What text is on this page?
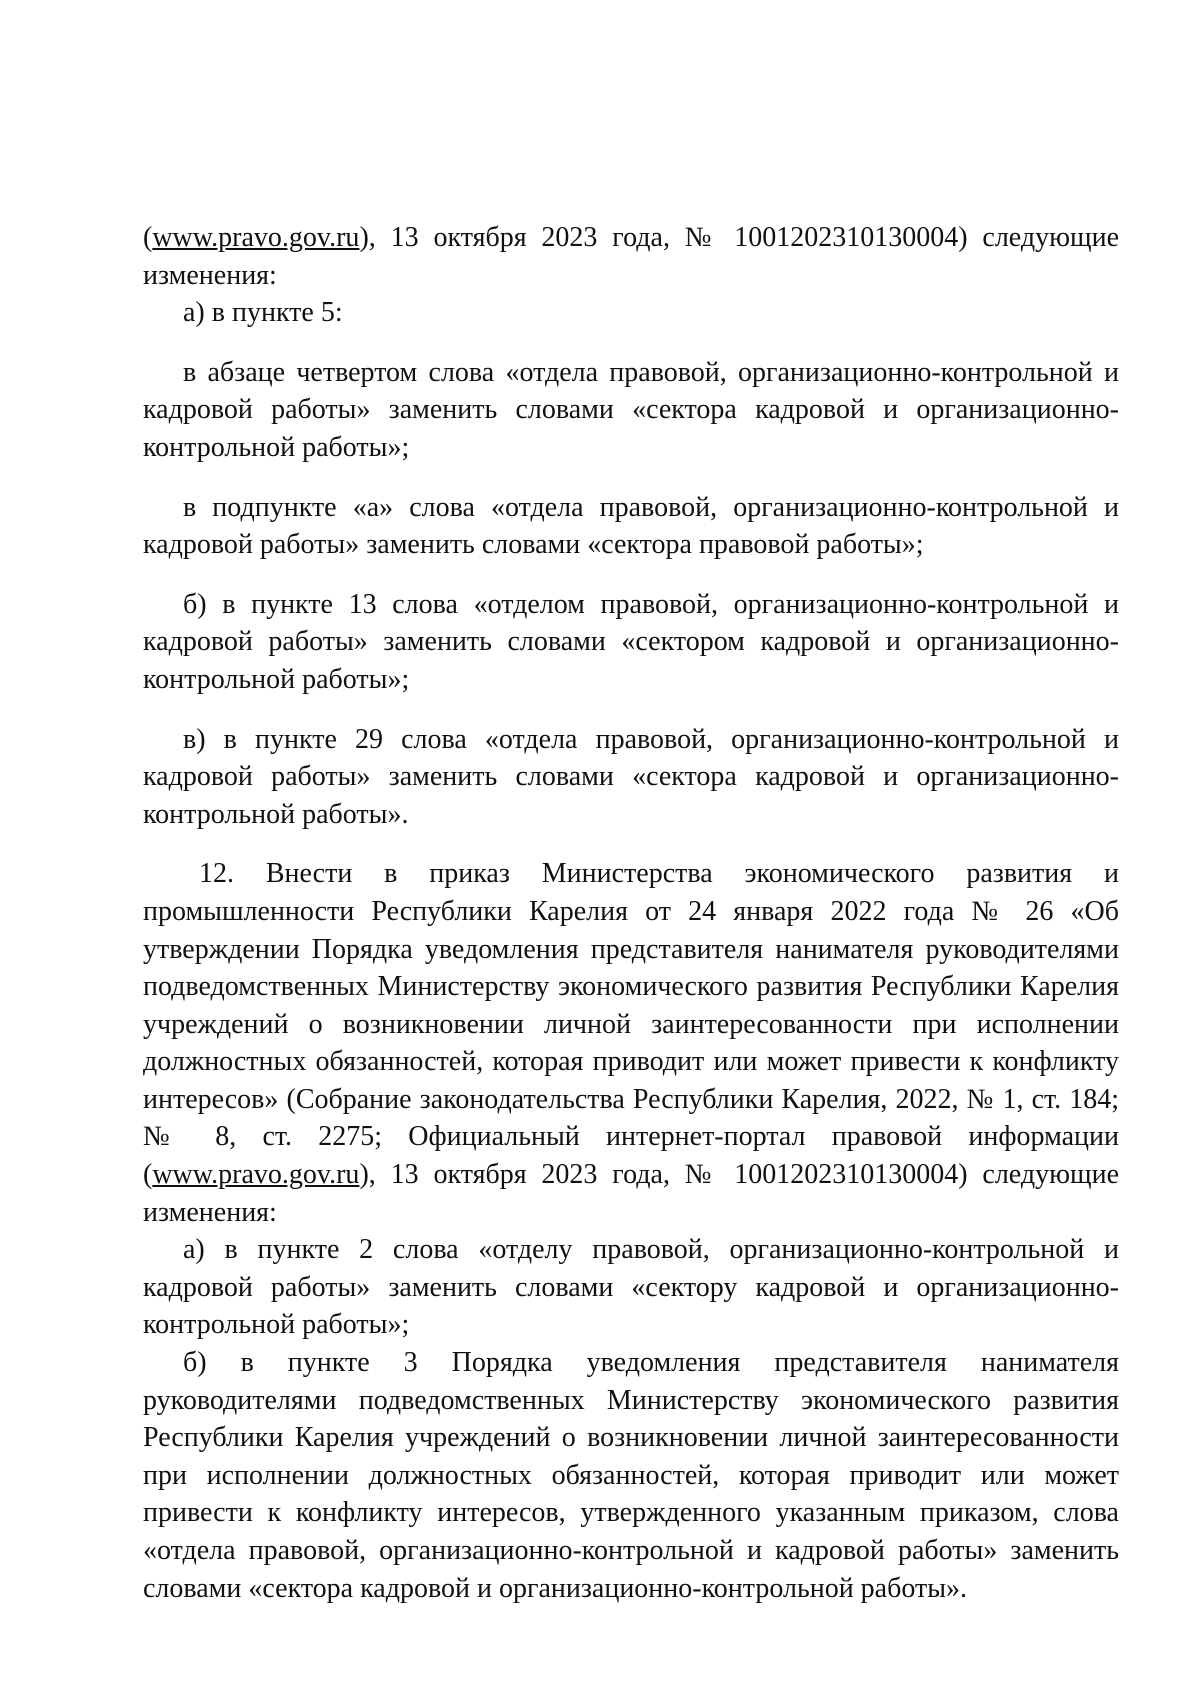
(www.pravo.gov.ru), 13 октября 2023 года, № 1001202310130004) следующие изменения:

а) в пункте 5:

в абзаце четвертом слова «отдела правовой, организационно-контрольной и кадровой работы» заменить словами «сектора кадровой и организационно-контрольной работы»;

в подпункте «а» слова «отдела правовой, организационно-контрольной и кадровой работы» заменить словами «сектора правовой работы»;

б) в пункте 13 слова «отделом правовой, организационно-контрольной и кадровой работы» заменить словами «сектором кадровой и организационно-контрольной работы»;

в) в пункте 29 слова «отдела правовой, организационно-контрольной и кадровой работы» заменить словами «сектора кадровой и организационно-контрольной работы».

12. Внести в приказ Министерства экономического развития и промышленности Республики Карелия от 24 января 2022 года № 26 «Об утверждении Порядка уведомления представителя нанимателя руководителями подведомственных Министерству экономического развития Республики Карелия учреждений о возникновении личной заинтересованности при исполнении должностных обязанностей, которая приводит или может привести к конфликту интересов» (Собрание законодательства Республики Карелия, 2022, № 1, ст. 184; № 8, ст. 2275; Официальный интернет-портал правовой информации (www.pravo.gov.ru), 13 октября 2023 года, № 1001202310130004) следующие изменения:

а) в пункте 2 слова «отделу правовой, организационно-контрольной и кадровой работы» заменить словами «сектору кадровой и организационно-контрольной работы»;

б) в пункте 3 Порядка уведомления представителя нанимателя руководителями подведомственных Министерству экономического развития Республики Карелия учреждений о возникновении личной заинтересованности при исполнении должностных обязанностей, которая приводит или может привести к конфликту интересов, утвержденного указанным приказом, слова «отдела правовой, организационно-контрольной и кадровой работы» заменить словами «сектора кадровой и организационно-контрольной работы».
